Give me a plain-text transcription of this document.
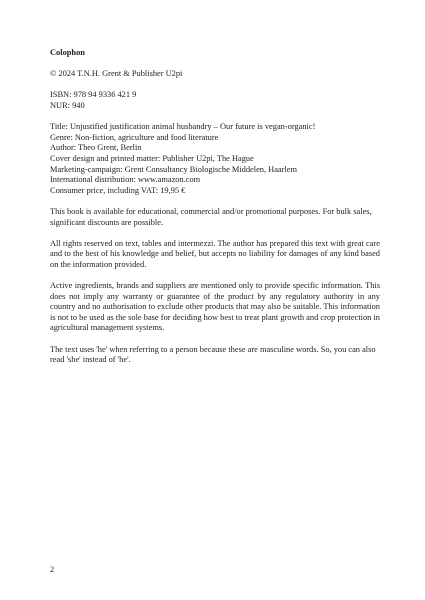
Colophon
© 2024 T.N.H. Grent & Publisher U2pi
ISBN: 978 94 9336 421 9
NUR: 940
Title: Unjustified justification animal husbandry – Our future is vegan-organic!
Genre: Non-fiction, agriculture and food literature
Author: Theo Grent, Berlin
Cover design and printed matter: Publisher U2pi, The Hague
Marketing-campaign: Grent Consultancy Biologische Middelen, Haarlem
International distribution: www.amazon.com
Consumer price, including VAT: 19,95 €

This book is available for educational, commercial and/or promotional purposes. For bulk sales, significant discounts are possible.

All rights reserved on text, tables and intermezzi. The author has prepared this text with great care and to the best of his knowledge and belief, but accepts no liability for damages of any kind based on the information provided.

Active ingredients, brands and suppliers are mentioned only to provide specific information. This does not imply any warranty or guarantee of the product by any regulatory authority in any country and no authorisation to exclude other products that may also be suitable. This information is not to be used as the sole base for deciding how best to treat plant growth and crop protection in agricultural management systems.

The text uses 'he' when referring to a person because these are masculine words. So, you can also read 'she' instead of 'he'.

2
